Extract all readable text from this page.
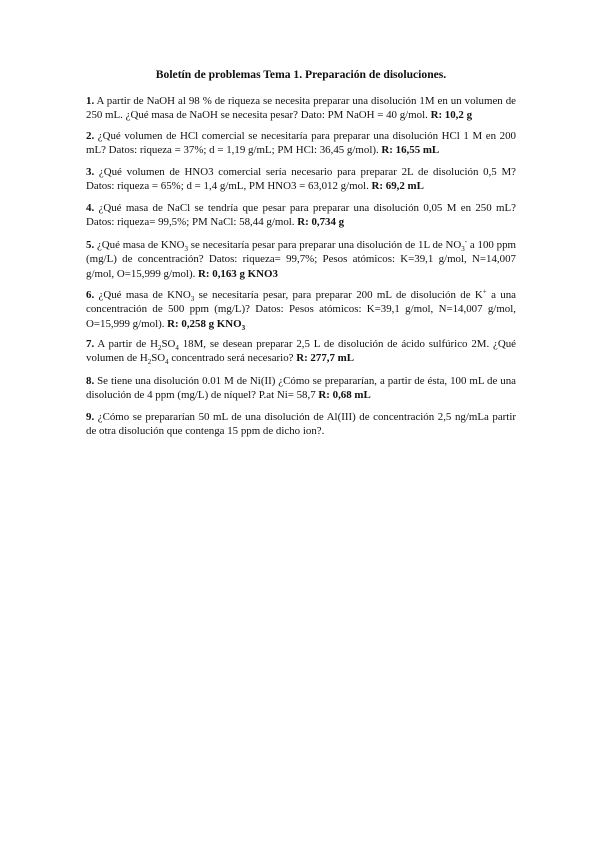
Boletín de problemas Tema 1. Preparación de disoluciones.
1. A partir de NaOH al 98 % de riqueza se necesita preparar una disolución 1M en un volumen de 250 mL. ¿Qué masa de NaOH se necesita pesar? Dato: PM NaOH = 40 g/mol. R: 10,2 g
2. ¿Qué volumen de HCl comercial se necesitaría para preparar una disolución HCl 1 M en 200 mL? Datos: riqueza = 37%; d = 1,19 g/mL; PM HCl: 36,45 g/mol). R: 16,55 mL
3. ¿Qué volumen de HNO3 comercial sería necesario para preparar 2L de disolución 0,5 M? Datos: riqueza = 65%; d = 1,4 g/mL, PM HNO3 = 63,012 g/mol. R: 69,2 mL
4. ¿Qué masa de NaCl se tendría que pesar para preparar una disolución 0,05 M en 250 mL? Datos: riqueza= 99,5%; PM NaCl: 58,44 g/mol. R: 0,734 g
5. ¿Qué masa de $KNO_3$ se necesitaría pesar para preparar una disolución de 1L de $NO_3^-$ a 100 ppm (mg/L) de concentración? Datos: riqueza= 99,7%; Pesos atómicos: K=39,1 g/mol, N=14,007 g/mol, O=15,999 g/mol). R: 0,163 g KNO3
6. ¿Qué masa de $KNO_3$ se necesitaría pesar, para preparar 200 mL de disolución de K+ a una concentración de 500 ppm (mg/L)? Datos: Pesos atómicos: K=39,1 g/mol, N=14,007 g/mol, O=15,999 g/mol). R: 0,258 g $KNO_3$
7. A partir de $H_2SO_4$ 18M, se desean preparar 2,5 L de disolución de ácido sulfúrico 2M. ¿Qué volumen de $H_2SO_4$ concentrado será necesario? R: 277,7 mL
8. Se tiene una disolución 0.01 M de Ni(II) ¿Cómo se prepararían, a partir de ésta, 100 mL de una disolución de 4 ppm (mg/L) de níquel? P.at Ni= 58,7 R: 0,68 mL
9. ¿Cómo se prepararían 50 mL de una disolución de Al(III) de concentración 2,5 ng/mLa partir de otra disolución que contenga 15 ppm de dicho ion?.
